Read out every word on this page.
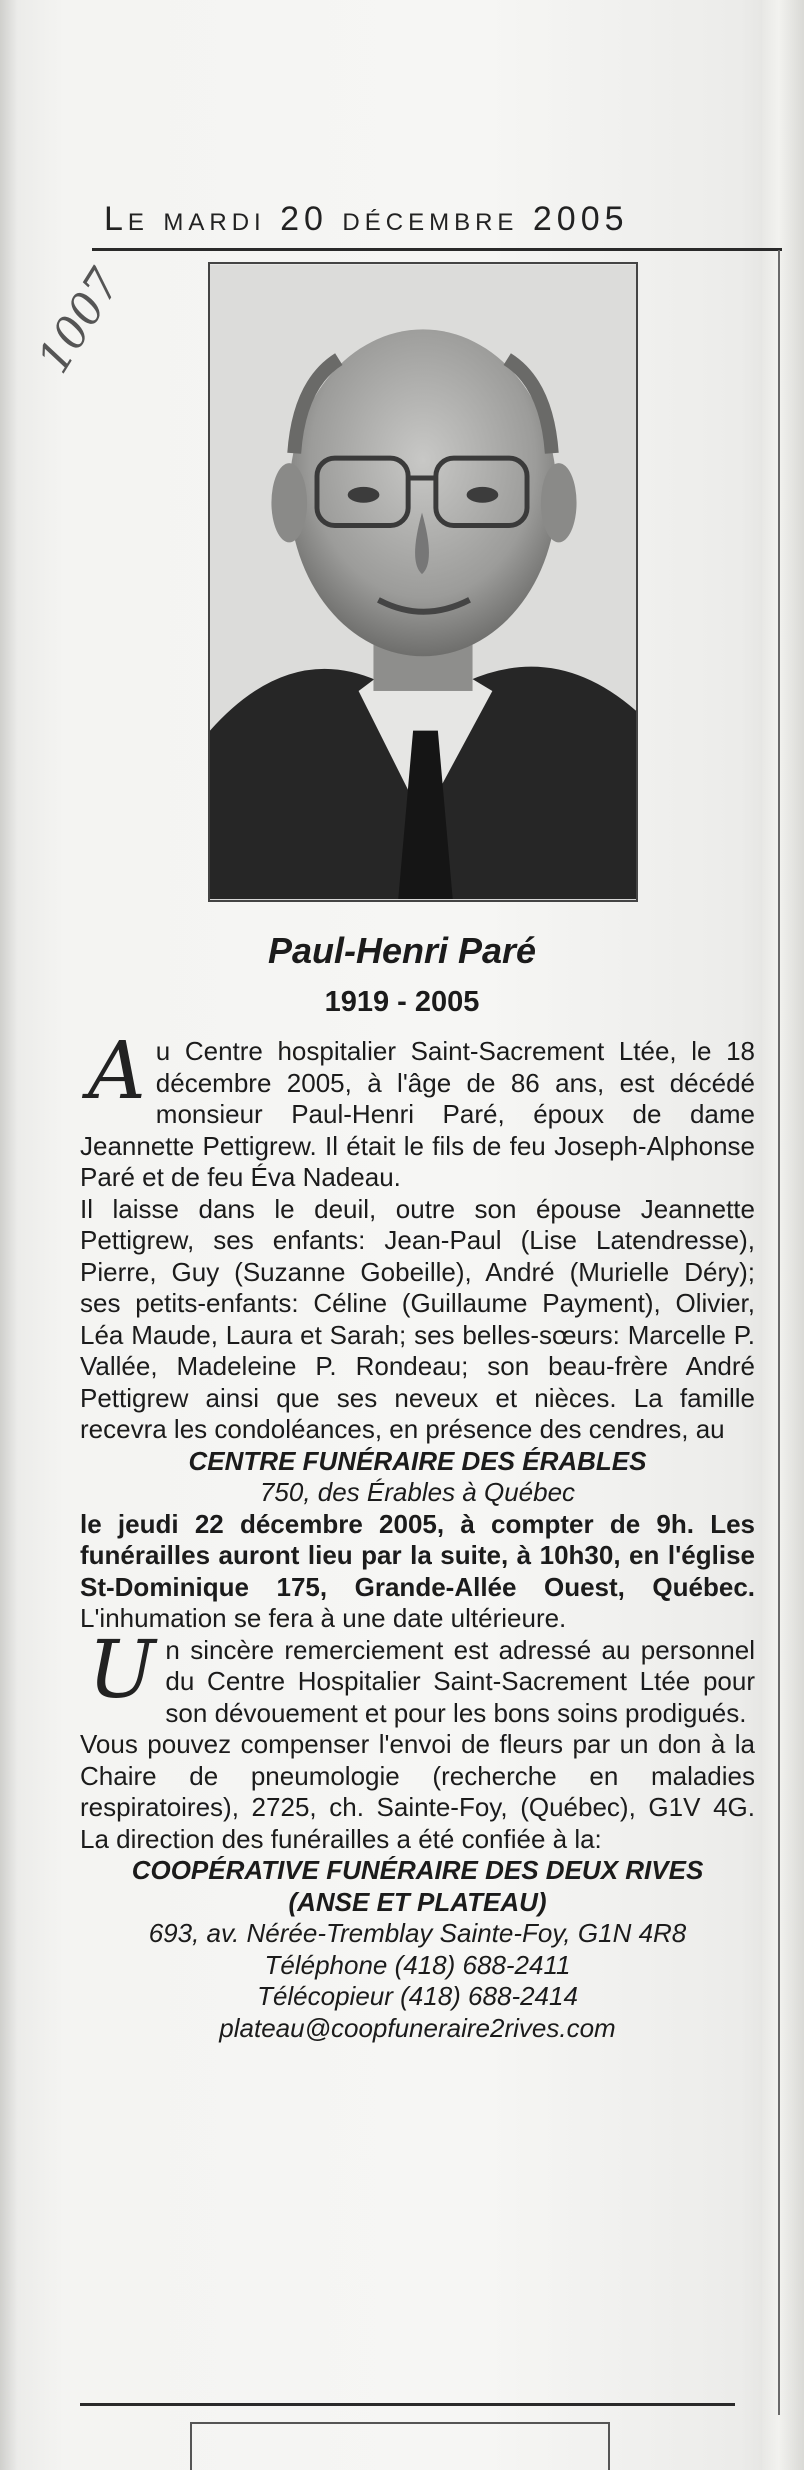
Le mardi 20 décembre 2005
1007
Paul-Henri Paré
1919 - 2005

Au Centre hospitalier Saint-Sacrement Ltée, le 18 décembre 2005, à l'âge de 86 ans, est décédé monsieur Paul-Henri Paré, époux de dame Jeannette Pettigrew. Il était le fils de feu Joseph-Alphonse Paré et de feu Éva Nadeau.

Il laisse dans le deuil, outre son épouse Jeannette Pettigrew, ses enfants: Jean-Paul (Lise Latendresse), Pierre, Guy (Suzanne Gobeille), André (Murielle Déry); ses petits-enfants: Céline (Guillaume Payment), Olivier, Léa Maude, Laura et Sarah; ses belles-sœurs: Marcelle P. Vallée, Madeleine P. Rondeau; son beau-frère André Pettigrew ainsi que ses neveux et nièces. La famille recevra les condoléances, en présence des cendres, au

CENTRE FUNÉRAIRE DES ÉRABLES

750, des Érables à Québec

le jeudi 22 décembre 2005, à compter de 9h. Les funérailles auront lieu par la suite, à 10h30, en l'église St-Dominique 175, Grande-Allée Ouest, Québec. L'inhumation se fera à une date ultérieure.

Un sincère remerciement est adressé au personnel du Centre Hospitalier Saint-Sacrement Ltée pour son dévouement et pour les bons soins prodigués.

Vous pouvez compenser l'envoi de fleurs par un don à la Chaire de pneumologie (recherche en maladies respiratoires), 2725, ch. Sainte-Foy, (Québec), G1V 4G. La direction des funérailles a été confiée à la:

COOPÉRATIVE FUNÉRAIRE DES DEUX RIVES

(ANSE ET PLATEAU)

693, av. Nérée-Tremblay Sainte-Foy, G1N 4R8

Téléphone (418) 688-2411

Télécopieur (418) 688-2414

plateau@coopfuneraire2rives.com
